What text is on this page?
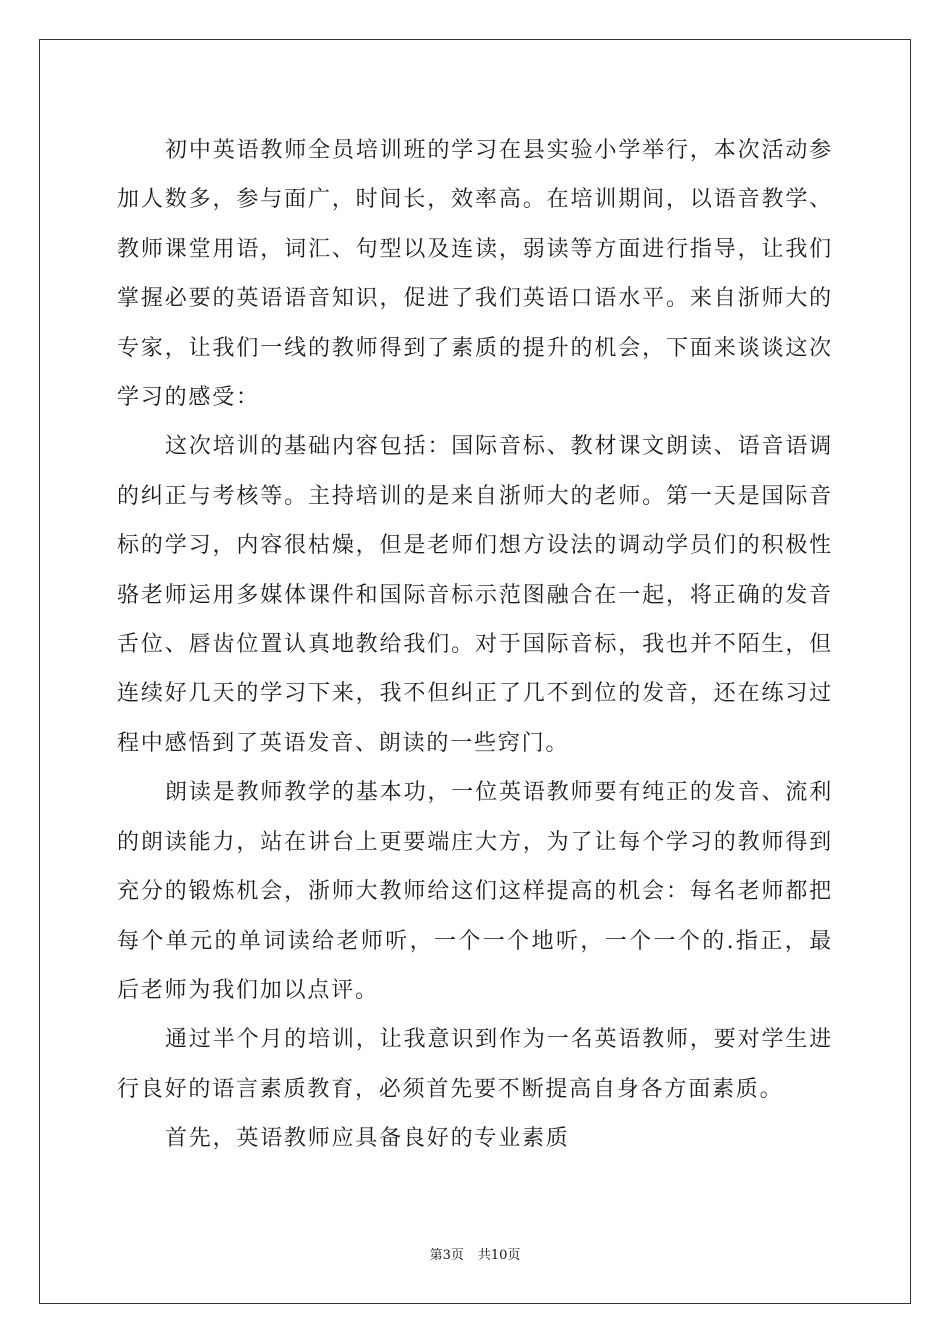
初中英语教师全员培训班的学习在县实验小学举行，本次活动参加人数多，参与面广，时间长，效率高。在培训期间，以语音教学、教师课堂用语，词汇、句型以及连读，弱读等方面进行指导，让我们掌握必要的英语语音知识，促进了我们英语口语水平。来自浙师大的专家，让我们一线的教师得到了素质的提升的机会，下面来谈谈这次学习的感受：

这次培训的基础内容包括：国际音标、教材课文朗读、语音语调的纠正与考核等。主持培训的是来自浙师大的老师。第一天是国际音标的学习，内容很枯燥，但是老师们想方设法的调动学员们的积极性骆老师运用多媒体课件和国际音标示范图融合在一起，将正确的发音舌位、唇齿位置认真地教给我们。对于国际音标，我也并不陌生，但连续好几天的学习下来，我不但纠正了几不到位的发音，还在练习过程中感悟到了英语发音、朗读的一些窍门。

朗读是教师教学的基本功，一位英语教师要有纯正的发音、流利的朗读能力，站在讲台上更要端庄大方，为了让每个学习的教师得到充分的锻炼机会，浙师大教师给这们这样提高的机会：每名老师都把每个单元的单词读给老师听，一个一个地听，一个一个的.指正，最后老师为我们加以点评。

通过半个月的培训，让我意识到作为一名英语教师，要对学生进行良好的语言素质教育，必须首先要不断提高自身各方面素质。

首先，英语教师应具备良好的专业素质

第3页 共10页
